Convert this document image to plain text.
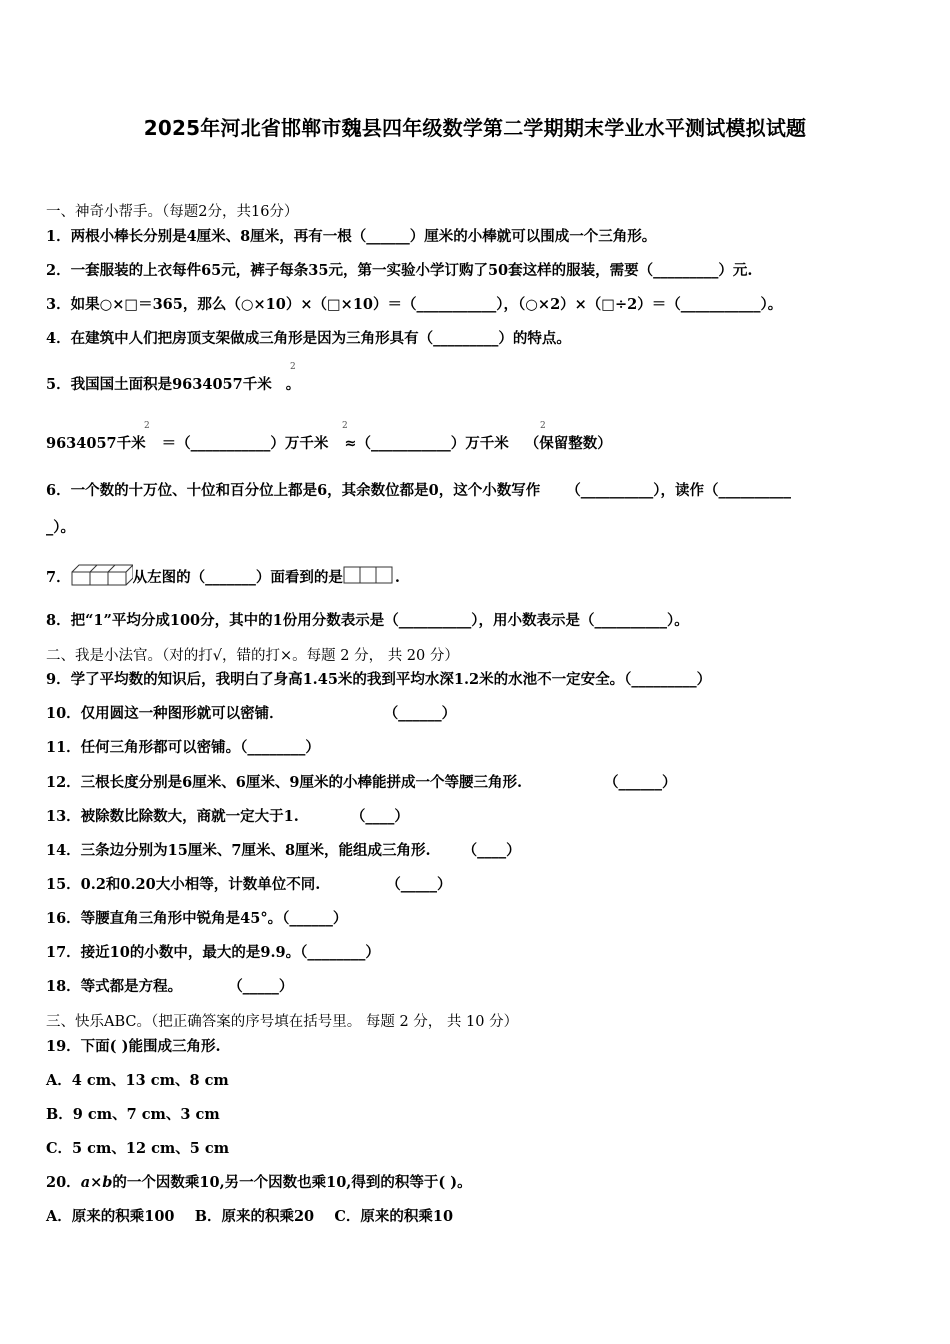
2025年河北省邯郸市魏县四年级数学第二学期期末学业水平测试模拟试题
一、神奇小帮手。（每题2分，共16分）
1．两根小棒长分别是4厘米、8厘米，再有一根（______）厘米的小棒就可以围成一个三角形。
2．一套服装的上衣每件65元，裤子每条35元，第一实验小学订购了50套这样的服装，需要（_________）元.
3．如果○×□＝365，那么（○×10）×（□×10）＝（___________），（○×2）×（□÷2）＝（___________）。
4．在建筑中人们把房顶支架做成三角形是因为三角形具有（_________）的特点。
5．我国国土面积是9634057千米 。
2
9634057千米 ＝（___________）万千米 ≈（___________）万千米 （保留整数）
2	2	2
6．一个数的十万位、十位和百分位上都是6，其余数位都是0，这个小数写作 （__________），读作（__________
_）。
7．	从左图的（_______）面看到的是	.
8．把“1”平均分成100分，其中的1份用分数表示是（__________），用小数表示是（__________）。
二、我是小法官。（对的打√，错的打×。每题 2 分， 共 20 分）
9．学了平均数的知识后，我明白了身高1.45米的我到平均水深1.2米的水池不一定安全。（_________）
10．仅用圆这一种图形就可以密铺．	（______）
11．任何三角形都可以密铺。（________）
12．三根长度分别是6厘米、6厘米、9厘米的小棒能拼成一个等腰三角形.	（______）
13．被除数比除数大，商就一定大于1.	（____）
14．三条边分别为15厘米、7厘米、8厘米，能组成三角形. （____）
15．0.2和0.20大小相等，计数单位不同.	（_____）
16．等腰直角三角形中锐角是45°。（______）
17．接近10的小数中，最大的是9.9。（________）
18．等式都是方程。	（_____）
三、快乐ABC。（把正确答案的序号填在括号里。 每题 2 分， 共 10 分）
19．下面( )能围成三角形.
A．4 cm、13 cm、8 cm
B．9 cm、7 cm、3 cm
C．5 cm、12 cm、5 cm
20．a×b的一个因数乘10,另一个因数也乘10,得到的积等于( )。
A．原来的积乘100    B．原来的积乘20    C．原来的积乘10
